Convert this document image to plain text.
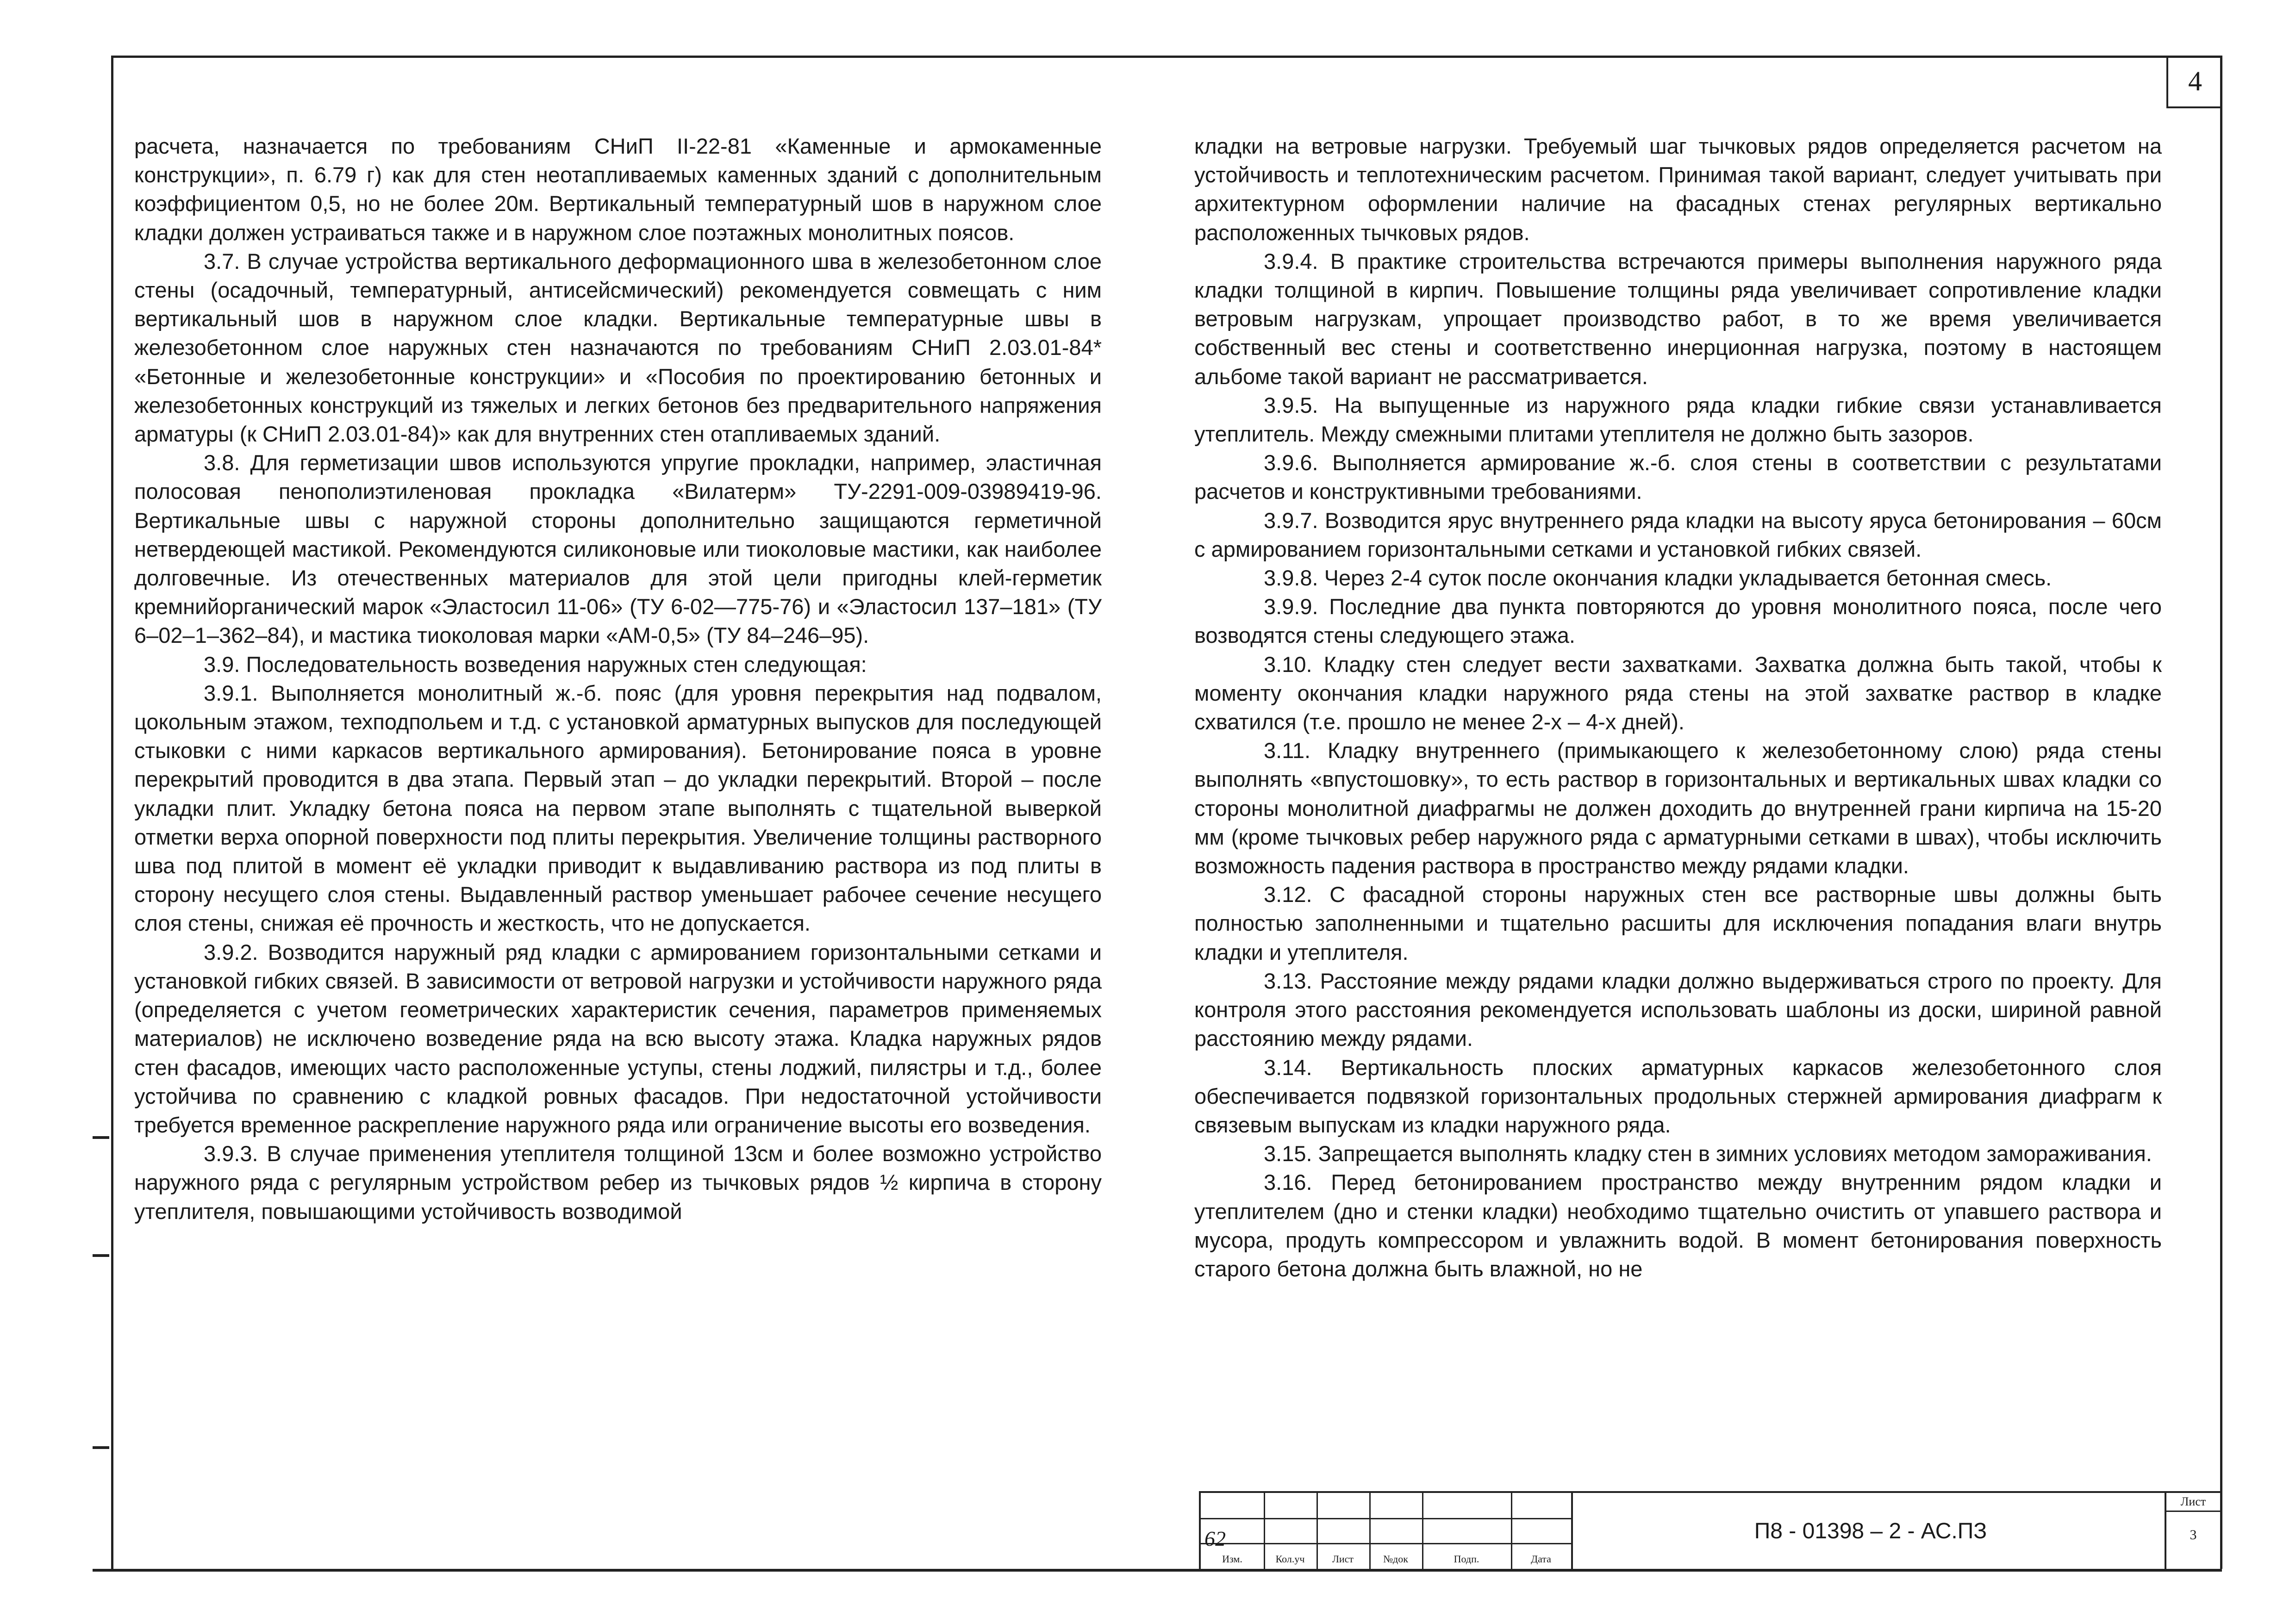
4

расчета, назначается по требованиям СНиП II-22-81 «Каменные и армокаменные конструкции», п. 6.79 г) как для стен неотапливаемых каменных зданий с дополнительным коэффициентом 0,5, но не более 20м. Вертикальный температурный шов в наружном слое кладки должен устраиваться также и в наружном слое поэтажных монолитных поясов.

3.7. В случае устройства вертикального деформационного шва в железобетонном слое стены (осадочный, температурный, антисейсмический) рекомендуется совмещать с ним вертикальный шов в наружном слое кладки. Вертикальные температурные швы в железобетонном слое наружных стен назначаются по требованиям СНиП 2.03.01-84* «Бетонные и железобетонные конструкции» и «Пособия по проектированию бетонных и железобетонных конструкций из тяжелых и легких бетонов без предварительного напряжения арматуры (к СНиП 2.03.01-84)» как для внутренних стен отапливаемых зданий.

3.8. Для герметизации швов используются упругие прокладки, например, эластичная полосовая пенополиэтиленовая прокладка «Вилатерм» ТУ-2291-009-03989419-96. Вертикальные швы с наружной стороны дополнительно защищаются герметичной нетвердеющей мастикой. Рекомендуются силиконовые или тиоколовые мастики, как наиболее долговечные. Из отечественных материалов для этой цели пригодны клей-герметик кремнийорганический марок «Эластосил 11-06» (ТУ 6-02—775-76) и «Эластосил 137–181» (ТУ 6–02–1–362–84), и мастика тиоколовая марки «АМ-0,5» (ТУ 84–246–95).

3.9. Последовательность возведения наружных стен следующая:

3.9.1. Выполняется монолитный ж.-б. пояс (для уровня перекрытия над подвалом, цокольным этажом, техподпольем и т.д. с установкой арматурных выпусков для последующей стыковки с ними каркасов вертикального армирования). Бетонирование пояса в уровне перекрытий проводится в два этапа. Первый этап – до укладки перекрытий. Второй – после укладки плит. Укладку бетона пояса на первом этапе выполнять с тщательной выверкой отметки верха опорной поверхности под плиты перекрытия. Увеличение толщины растворного шва под плитой в момент её укладки приводит к выдавливанию раствора из под плиты в сторону несущего слоя стены. Выдавленный раствор уменьшает рабочее сечение несущего слоя стены, снижая её прочность и жесткость, что не допускается.

3.9.2. Возводится наружный ряд кладки с армированием горизонтальными сетками и установкой гибких связей. В зависимости от ветровой нагрузки и устойчивости наружного ряда (определяется с учетом геометрических характеристик сечения, параметров применяемых материалов) не исключено возведение ряда на всю высоту этажа. Кладка наружных рядов стен фасадов, имеющих часто расположенные уступы, стены лоджий, пилястры и т.д., более устойчива по сравнению с кладкой ровных фасадов. При недостаточной устойчивости требуется временное раскрепление наружного ряда или ограничение высоты его возведения.

3.9.3. В случае применения утеплителя толщиной 13см и более возможно устройство наружного ряда с регулярным устройством ребер из тычковых рядов ½ кирпича в сторону утеплителя, повышающими устойчивость возводимой

кладки на ветровые нагрузки. Требуемый шаг тычковых рядов определяется расчетом на устойчивость и теплотехническим расчетом. Принимая такой вариант, следует учитывать при архитектурном оформлении наличие на фасадных стенах регулярных вертикально расположенных тычковых рядов.

3.9.4. В практике строительства встречаются примеры выполнения наружного ряда кладки толщиной в кирпич. Повышение толщины ряда увеличивает сопротивление кладки ветровым нагрузкам, упрощает производство работ, в то же время увеличивается собственный вес стены и соответственно инерционная нагрузка, поэтому в настоящем альбоме такой вариант не рассматривается.

3.9.5. На выпущенные из наружного ряда кладки гибкие связи устанавливается утеплитель. Между смежными плитами утеплителя не должно быть зазоров.

3.9.6. Выполняется армирование ж.-б. слоя стены в соответствии с результатами расчетов и конструктивными требованиями.

3.9.7. Возводится ярус внутреннего ряда кладки на высоту яруса бетонирования – 60см с армированием горизонтальными сетками и установкой гибких связей.

3.9.8. Через 2-4 суток после окончания кладки укладывается бетонная смесь.

3.9.9. Последние два пункта повторяются до уровня монолитного пояса, после чего возводятся стены следующего этажа.

3.10. Кладку стен следует вести захватками. Захватка должна быть такой, чтобы к моменту окончания кладки наружного ряда стены на этой захватке раствор в кладке схватился (т.е. прошло не менее 2-х – 4-х дней).

3.11. Кладку внутреннего (примыкающего к железобетонному слою) ряда стены выполнять «впустошовку», то есть раствор в горизонтальных и вертикальных швах кладки со стороны монолитной диафрагмы не должен доходить до внутренней грани кирпича на 15-20 мм (кроме тычковых ребер наружного ряда с арматурными сетками в швах), чтобы исключить возможность падения раствора в пространство между рядами кладки.

3.12. С фасадной стороны наружных стен все растворные швы должны быть полностью заполненными и тщательно расшиты для исключения попадания влаги внутрь кладки и утеплителя.

3.13. Расстояние между рядами кладки должно выдерживаться строго по проекту. Для контроля этого расстояния рекомендуется использовать шаблоны из доски, шириной равной расстоянию между рядами.

3.14. Вертикальность плоских арматурных каркасов железобетонного слоя обеспечивается подвязкой горизонтальных продольных стержней армирования диафрагм к связевым выпускам из кладки наружного ряда.

3.15. Запрещается выполнять кладку стен в зимних условиях методом замораживания.

3.16. Перед бетонированием пространство между внутренним рядом кладки и утеплителем (дно и стенки кладки) необходимо тщательно очистить от упавшего раствора и мусора, продуть компрессором и увлажнить водой. В момент бетонирования поверхность старого бетона должна быть влажной, но не

62
Изм.	Кол.уч	Лист	№док	Подп.	Дата
П8 - 01398 – 2 - АС.ПЗ
Лист
3
